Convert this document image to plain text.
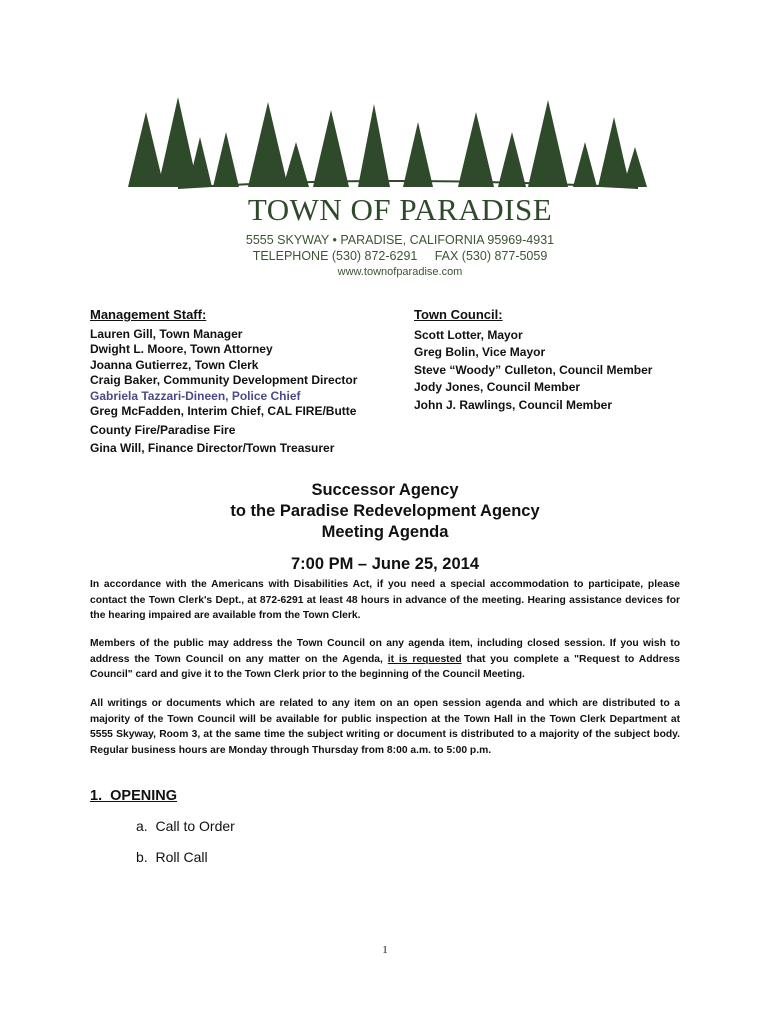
TOWN OF PARADISE
5555 SKYWAY • PARADISE, CALIFORNIA 95969-4931
TELEPHONE (530) 872-6291     FAX (530) 877-5059
www.townofparadise.com
Management Staff:
Lauren Gill, Town Manager
Dwight L. Moore, Town Attorney
Joanna Gutierrez, Town Clerk
Craig Baker, Community Development Director
Gabriela Tazzari-Dineen, Police Chief
Greg McFadden, Interim Chief, CAL FIRE/Butte
County Fire/Paradise Fire
Gina Will, Finance Director/Town Treasurer
Town Council:
Scott Lotter, Mayor
Greg Bolin, Vice Mayor
Steve “Woody” Culleton, Council Member
Jody Jones, Council Member
John J. Rawlings, Council Member
Successor Agency
to the Paradise Redevelopment Agency
Meeting Agenda
7:00 PM – June 25, 2014
In accordance with the Americans with Disabilities Act, if you need a special accommodation to participate, please contact the Town Clerk's Dept., at 872-6291 at least 48 hours in advance of the meeting. Hearing assistance devices for the hearing impaired are available from the Town Clerk.
Members of the public may address the Town Council on any agenda item, including closed session. If you wish to address the Town Council on any matter on the Agenda, it is requested that you complete a "Request to Address Council" card and give it to the Town Clerk prior to the beginning of the Council Meeting.
All writings or documents which are related to any item on an open session agenda and which are distributed to a majority of the Town Council will be available for public inspection at the Town Hall in the Town Clerk Department at 5555 Skyway, Room 3, at the same time the subject writing or document is distributed to a majority of the subject body. Regular business hours are Monday through Thursday from 8:00 a.m. to 5:00 p.m.
1.  OPENING
a.  Call to Order
b.  Roll Call
1
